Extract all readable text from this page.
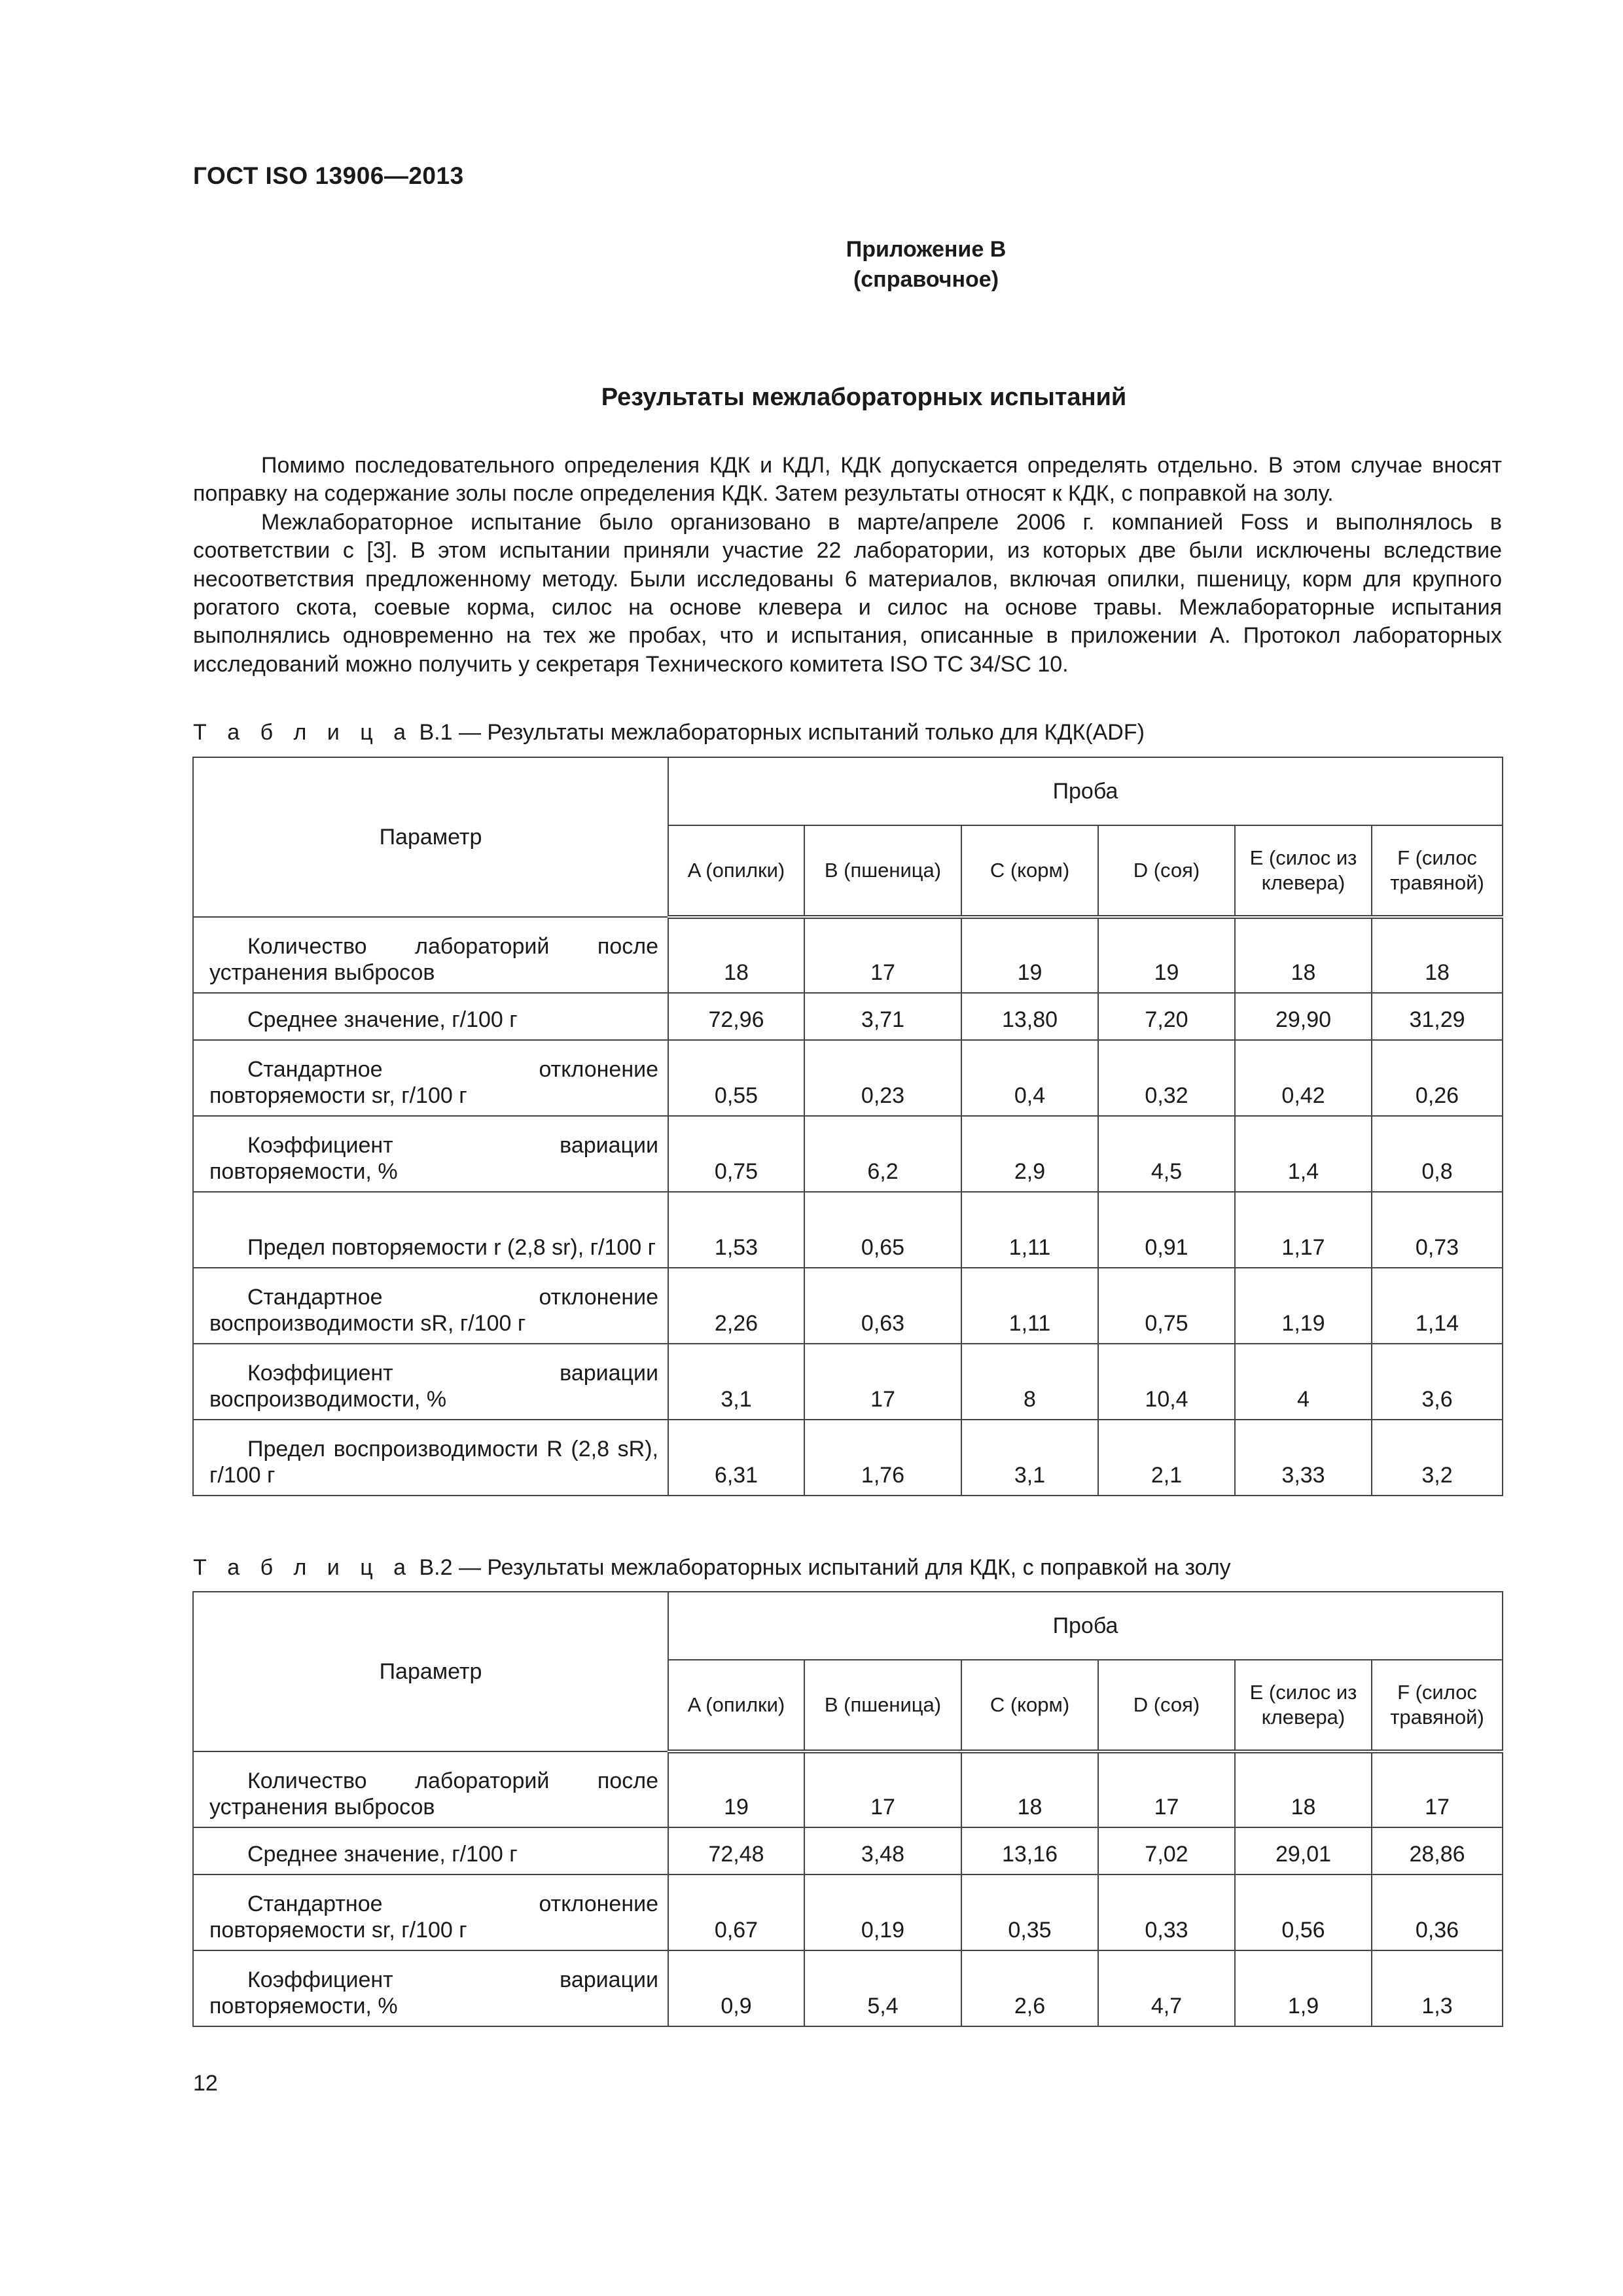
ГОСТ ISO 13906—2013
Приложение В
(справочное)
Результаты межлабораторных испытаний

Помимо последовательного определения КДК и КДЛ, КДК допускается определять отдельно. В этом случае вносят поправку на содержание золы после определения КДК. Затем результаты относят к КДК, с поправкой на золу.

Межлабораторное испытание было организовано в марте/апреле 2006 г. компанией Foss и выполнялось в соответствии с [3]. В этом испытании приняли участие 22 лаборатории, из которых две были исключены вследствие несоответствия предложенному методу. Были исследованы 6 материалов, включая опилки, пшеницу, корм для крупного рогатого скота, соевые корма, силос на основе клевера и силос на основе травы. Межлабораторные испытания выполнялись одновременно на тех же пробах, что и испытания, описанные в приложении А. Протокол лабораторных исследований можно получить у секретаря Технического комитета ISO TC 34/SC 10.

Т а б л и ц а В.1 — Результаты межлабораторных испытаний только для КДК(ADF)
Параметр	Проба					
	A (опилки)	B (пшеница)	C (корм)	D (соя)	E (силос из клевера)	F (силос травяной)
Количество лабораторий после устранения выбросов	18	17	19	19	18	18
Среднее значение, г/100 г	72,96	3,71	13,80	7,20	29,90	31,29
Стандартное отклонение повторяемости sr, г/100 г	0,55	0,23	0,4	0,32	0,42	0,26
Коэффициент вариации повторяемости, %	0,75	6,2	2,9	4,5	1,4	0,8
Предел повторяемости r (2,8 sr), г/100 г	1,53	0,65	1,11	0,91	1,17	0,73
Стандартное отклонение воспроизводимости sR, г/100 г	2,26	0,63	1,11	0,75	1,19	1,14
Коэффициент вариации воспроизводимости, %	3,1	17	8	10,4	4	3,6
Предел воспроизводимости R (2,8 sR), г/100 г	6,31	1,76	3,1	2,1	3,33	3,2
Т а б л и ц а В.2 — Результаты межлабораторных испытаний для КДК, с поправкой на золу
Параметр	Проба					
	A (опилки)	B (пшеница)	C (корм)	D (соя)	E (силос из клевера)	F (силос травяной)
Количество лабораторий после устранения выбросов	19	17	18	17	18	17
Среднее значение, г/100 г	72,48	3,48	13,16	7,02	29,01	28,86
Стандартное отклонение повторяемости sr, г/100 г	0,67	0,19	0,35	0,33	0,56	0,36
Коэффициент вариации повторяемости, %	0,9	5,4	2,6	4,7	1,9	1,3
12
